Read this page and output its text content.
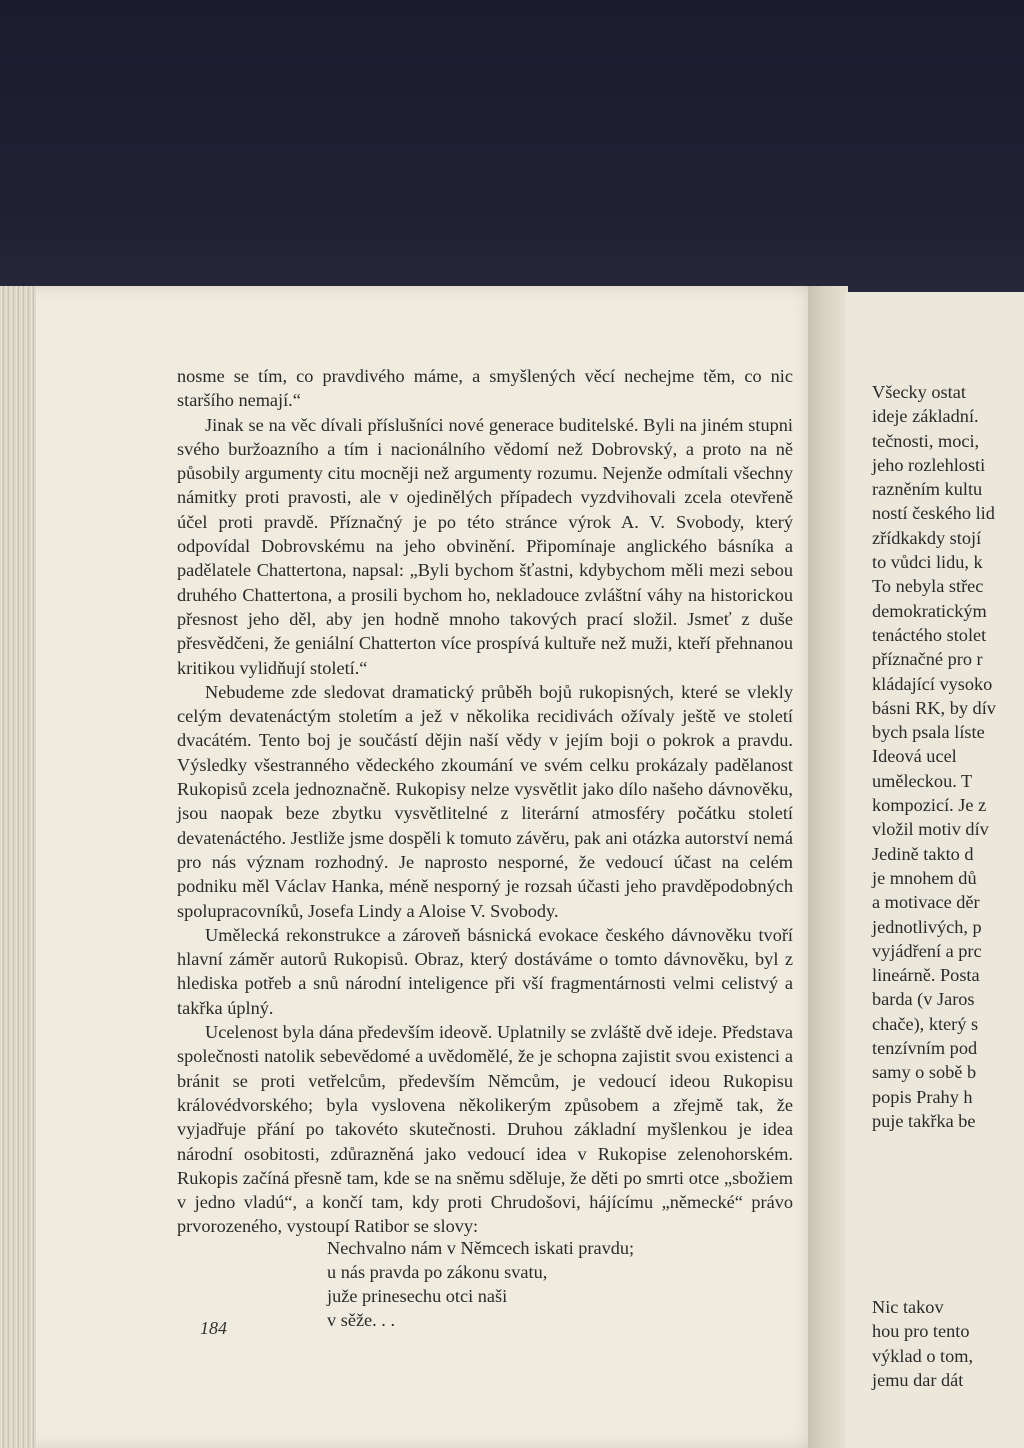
nosme se tím, co pravdivého máme, a smyšlených věcí nechejme těm, co nic staršího nemají.“

Jinak se na věc dívali příslušníci nové generace buditelské. Byli na jiném stupni svého buržoazního a tím i nacionálního vědomí než Dobrovský, a proto na ně působily argumenty citu mocněji než argumenty rozumu. Nejenže odmítali všechny námitky proti pravosti, ale v ojedinělých případech vyzdvihovali zcela otevřeně účel proti pravdě. Příznačný je po této stránce výrok A. V. Svobody, který odpovídal Dobrovskému na jeho obvinění. Připomínaje anglického básníka a padělatele Chattertona, napsal: „Byli bychom šťastni, kdybychom měli mezi sebou druhého Chattertona, a prosili bychom ho, nekladouce zvláštní váhy na historickou přesnost jeho děl, aby jen hodně mnoho takových prací složil. Jsmeť z duše přesvědčeni, že geniální Chatterton více prospívá kultuře než muži, kteří přehnanou kritikou vylidňují století.“

Nebudeme zde sledovat dramatický průběh bojů rukopisných, které se vlekly celým devatenáctým stoletím a jež v několika recidivách ožívaly ještě ve století dvacátém. Tento boj je součástí dějin naší vědy v jejím boji o pokrok a pravdu. Výsledky všestranného vědeckého zkoumání ve svém celku prokázaly padělanost Rukopisů zcela jednoznačně. Rukopisy nelze vysvětlit jako dílo našeho dávnověku, jsou naopak beze zbytku vysvětlitelné z literární atmosféry počátku století devatenáctého. Jestliže jsme dospěli k tomuto závěru, pak ani otázka autorství nemá pro nás význam rozhodný. Je naprosto nesporné, že vedoucí účast na celém podniku měl Václav Hanka, méně nesporný je rozsah účasti jeho pravděpodobných spolupracovníků, Josefa Lindy a Aloise V. Svobody.

Umělecká rekonstrukce a zároveň básnická evokace českého dávnověku tvoří hlavní záměr autorů Rukopisů. Obraz, který dostáváme o tomto dávnověku, byl z hlediska potřeb a snů národní inteligence při vší fragmentárnosti velmi celistvý a takřka úplný.

Ucelenost byla dána především ideově. Uplatnily se zvláště dvě ideje. Představa společnosti natolik sebevědomé a uvědomělé, že je schopna zajistit svou existenci a bránit se proti vetřelcům, především Němcům, je vedoucí ideou Rukopisu královédvorského; byla vyslovena několikerým způsobem a zřejmě tak, že vyjadřuje přání po takovéto skutečnosti. Druhou základní myšlenkou je idea národní osobitosti, zdůrazněná jako vedoucí idea v Rukopise zelenohorském. Rukopis začíná přesně tam, kde se na sněmu sděluje, že děti po smrti otce „sbožiem v jedno vladú“, a končí tam, kdy proti Chrudošovi, hájícímu „německé“ právo prvorozeného, vystoupí Ratibor se slovy:

Nechvalno nám v Němcech iskati pravdu;
u nás pravda po zákonu svatu,
juže prinesechu otci naši
v sěže. . .
184
Všecky ostat
ideje základní.
tečnosti, moci,
jeho rozlehlosti
razněním kultu
ností českého lid
zřídkakdy stojí
to vůdci lidu, k
To nebyla střec
demokratickým
tenáctého stolet
příznačné pro r
kládající vysoko
básni RK, by dív
bych psala líste
Ideová ucel
uměleckou. T
kompozicí. Je z
vložil motiv dív
Jedině takto d
je mnohem dů
a motivace děr
jednotlivých, p
vyjádření a prc
lineárně. Posta
barda (v Jaros
chače), který s
tenzívním pod
samy o sobě b
popis Prahy h
puje takřka be
Nic takov
hou pro tento
výklad o tom,
jemu dar dát
